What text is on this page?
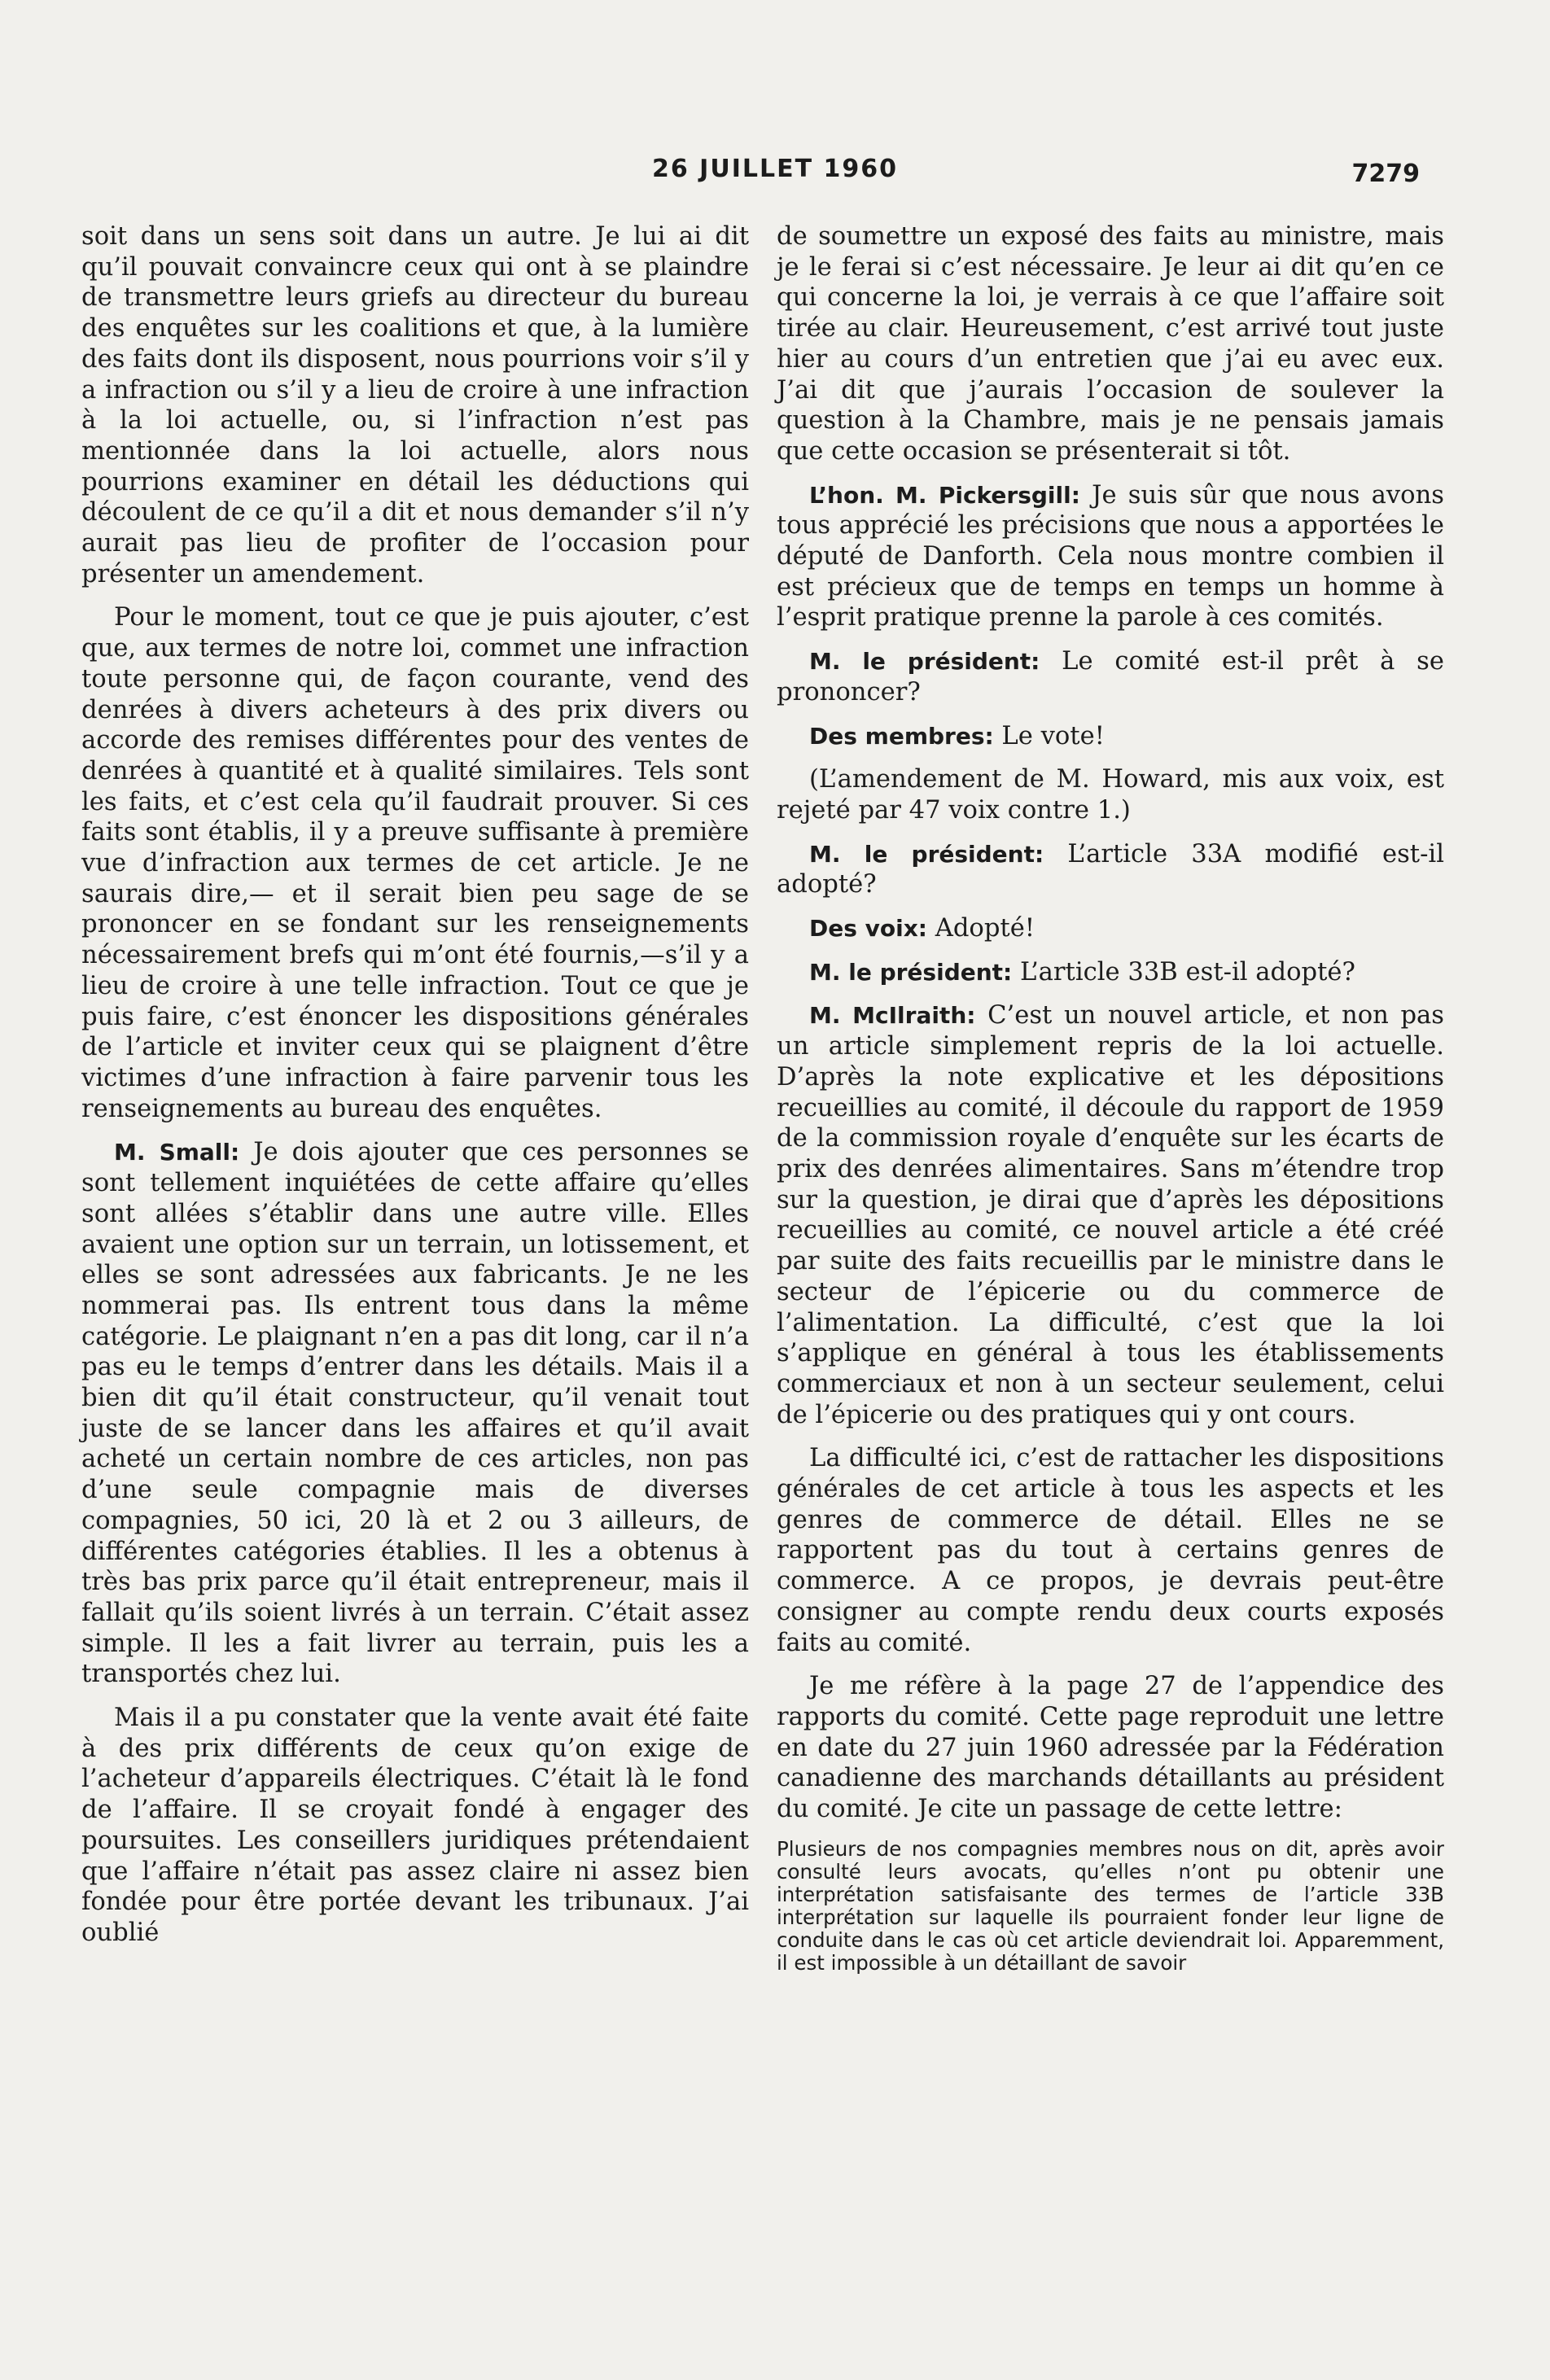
26 JUILLET 1960	7279

soit dans un sens soit dans un autre. Je lui ai dit qu’il pouvait convaincre ceux qui ont à se plaindre de transmettre leurs griefs au directeur du bureau des enquêtes sur les coalitions et que, à la lumière des faits dont ils disposent, nous pourrions voir s’il y a infraction ou s’il y a lieu de croire à une infraction à la loi actuelle, ou, si l’infraction n’est pas mentionnée dans la loi actuelle, alors nous pourrions examiner en détail les déductions qui découlent de ce qu’il a dit et nous demander s’il n’y aurait pas lieu de profiter de l’occasion pour présenter un amendement.

Pour le moment, tout ce que je puis ajouter, c’est que, aux termes de notre loi, commet une infraction toute personne qui, de façon courante, vend des denrées à divers acheteurs à des prix divers ou accorde des remises différentes pour des ventes de denrées à quantité et à qualité similaires. Tels sont les faits, et c’est cela qu’il faudrait prouver. Si ces faits sont établis, il y a preuve suffisante à première vue d’infraction aux termes de cet article. Je ne saurais dire,— et il serait bien peu sage de se prononcer en se fondant sur les renseignements nécessairement brefs qui m’ont été fournis,—s’il y a lieu de croire à une telle infraction. Tout ce que je puis faire, c’est énoncer les dispositions générales de l’article et inviter ceux qui se plaignent d’être victimes d’une infraction à faire parvenir tous les renseignements au bureau des enquêtes.

M. Small: Je dois ajouter que ces personnes se sont tellement inquiétées de cette affaire qu’elles sont allées s’établir dans une autre ville. Elles avaient une option sur un terrain, un lotissement, et elles se sont adressées aux fabricants. Je ne les nommerai pas. Ils entrent tous dans la même catégorie. Le plaignant n’en a pas dit long, car il n’a pas eu le temps d’entrer dans les détails. Mais il a bien dit qu’il était constructeur, qu’il venait tout juste de se lancer dans les affaires et qu’il avait acheté un certain nombre de ces articles, non pas d’une seule compagnie mais de diverses compagnies, 50 ici, 20 là et 2 ou 3 ailleurs, de différentes catégories établies. Il les a obtenus à très bas prix parce qu’il était entrepreneur, mais il fallait qu’ils soient livrés à un terrain. C’était assez simple. Il les a fait livrer au terrain, puis les a transportés chez lui.

Mais il a pu constater que la vente avait été faite à des prix différents de ceux qu’on exige de l’acheteur d’appareils électriques. C’était là le fond de l’affaire. Il se croyait fondé à engager des poursuites. Les conseillers juridiques prétendaient que l’affaire n’était pas assez claire ni assez bien fondée pour être portée devant les tribunaux. J’ai oublié

de soumettre un exposé des faits au ministre, mais je le ferai si c’est nécessaire. Je leur ai dit qu’en ce qui concerne la loi, je verrais à ce que l’affaire soit tirée au clair. Heureusement, c’est arrivé tout juste hier au cours d’un entretien que j’ai eu avec eux. J’ai dit que j’aurais l’occasion de soulever la question à la Chambre, mais je ne pensais jamais que cette occasion se présenterait si tôt.

L’hon. M. Pickersgill: Je suis sûr que nous avons tous apprécié les précisions que nous a apportées le député de Danforth. Cela nous montre combien il est précieux que de temps en temps un homme à l’esprit pratique prenne la parole à ces comités.

M. le président: Le comité est-il prêt à se prononcer?

Des membres: Le vote!

(L’amendement de M. Howard, mis aux voix, est rejeté par 47 voix contre 1.)

M. le président: L’article 33A modifié est-il adopté?

Des voix: Adopté!

M. le président: L’article 33B est-il adopté?

M. McIlraith: C’est un nouvel article, et non pas un article simplement repris de la loi actuelle. D’après la note explicative et les dépositions recueillies au comité, il découle du rapport de 1959 de la commission royale d’enquête sur les écarts de prix des denrées alimentaires. Sans m’étendre trop sur la question, je dirai que d’après les dépositions recueillies au comité, ce nouvel article a été créé par suite des faits recueillis par le ministre dans le secteur de l’épicerie ou du commerce de l’alimentation. La difficulté, c’est que la loi s’applique en général à tous les établissements commerciaux et non à un secteur seulement, celui de l’épicerie ou des pratiques qui y ont cours.

La difficulté ici, c’est de rattacher les dispositions générales de cet article à tous les aspects et les genres de commerce de détail. Elles ne se rapportent pas du tout à certains genres de commerce. A ce propos, je devrais peut-être consigner au compte rendu deux courts exposés faits au comité.

Je me réfère à la page 27 de l’appendice des rapports du comité. Cette page reproduit une lettre en date du 27 juin 1960 adressée par la Fédération canadienne des marchands détaillants au président du comité. Je cite un passage de cette lettre:

Plusieurs de nos compagnies membres nous on dit, après avoir consulté leurs avocats, qu’elles n’ont pu obtenir une interprétation satisfaisante des termes de l’article 33B interprétation sur laquelle ils pourraient fonder leur ligne de conduite dans le cas où cet article deviendrait loi. Apparemment, il est impossible à un détaillant de savoir
